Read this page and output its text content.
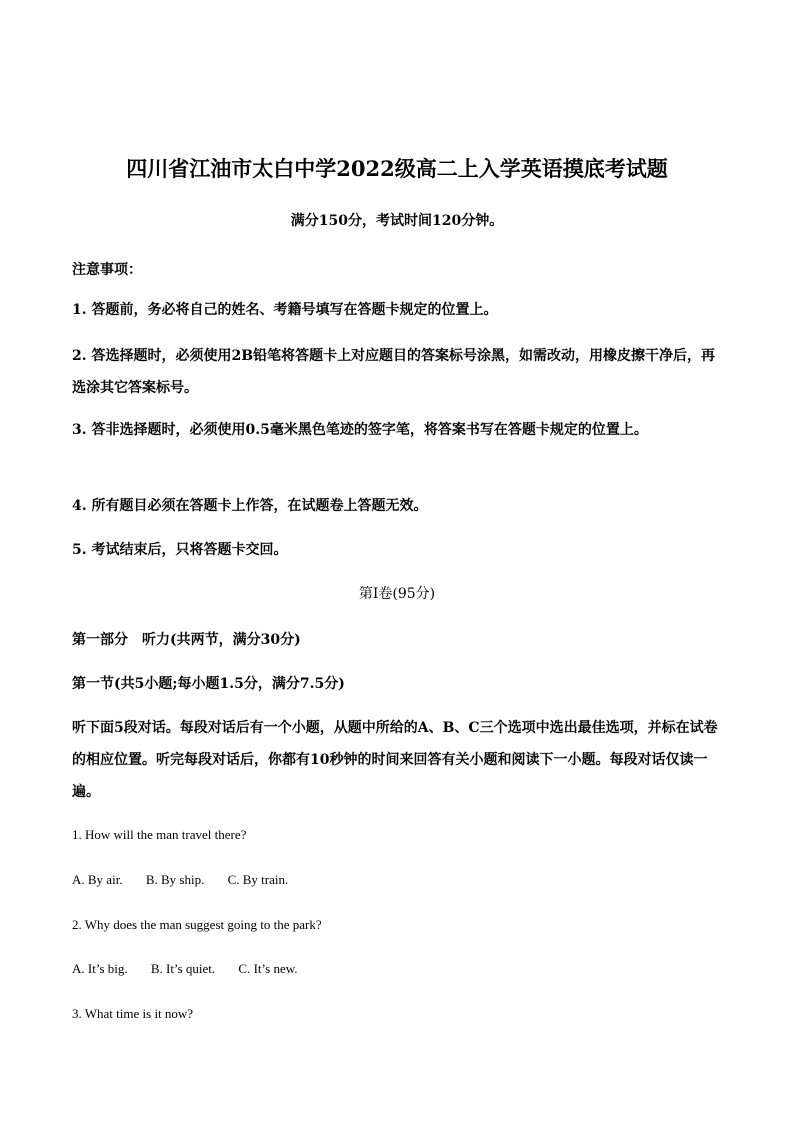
四川省江油市太白中学2022级高二上入学英语摸底考试题
满分150分，考试时间120分钟。
注意事项：
1. 答题前，务必将自己的姓名、考籍号填写在答题卡规定的位置上。
2. 答选择题时，必须使用2B铅笔将答题卡上对应题目的答案标号涂黑，如需改动，用橡皮擦干净后，再选涂其它答案标号。
3. 答非选择题时，必须使用0.5毫米黑色笔迹的签字笔，将答案书写在答题卡规定的位置上。
4. 所有题目必须在答题卡上作答，在试题卷上答题无效。
5. 考试结束后，只将答题卡交回。
第Ⅰ卷(95分)
第一部分　听力(共两节，满分30分)
第一节(共5小题;每小题1.5分，满分7.5分)
听下面5段对话。每段对话后有一个小题，从题中所给的A、B、C三个选项中选出最佳选项，并标在试卷的相应位置。听完每段对话后，你都有10秒钟的时间来回答有关小题和阅读下一小题。每段对话仅读一遍。
1. How will the man travel there?
A. By air. B. By ship. C. By train.
2. Why does the man suggest going to the park?
A. It’s big. B. It’s quiet. C. It’s new.
3. What time is it now?
